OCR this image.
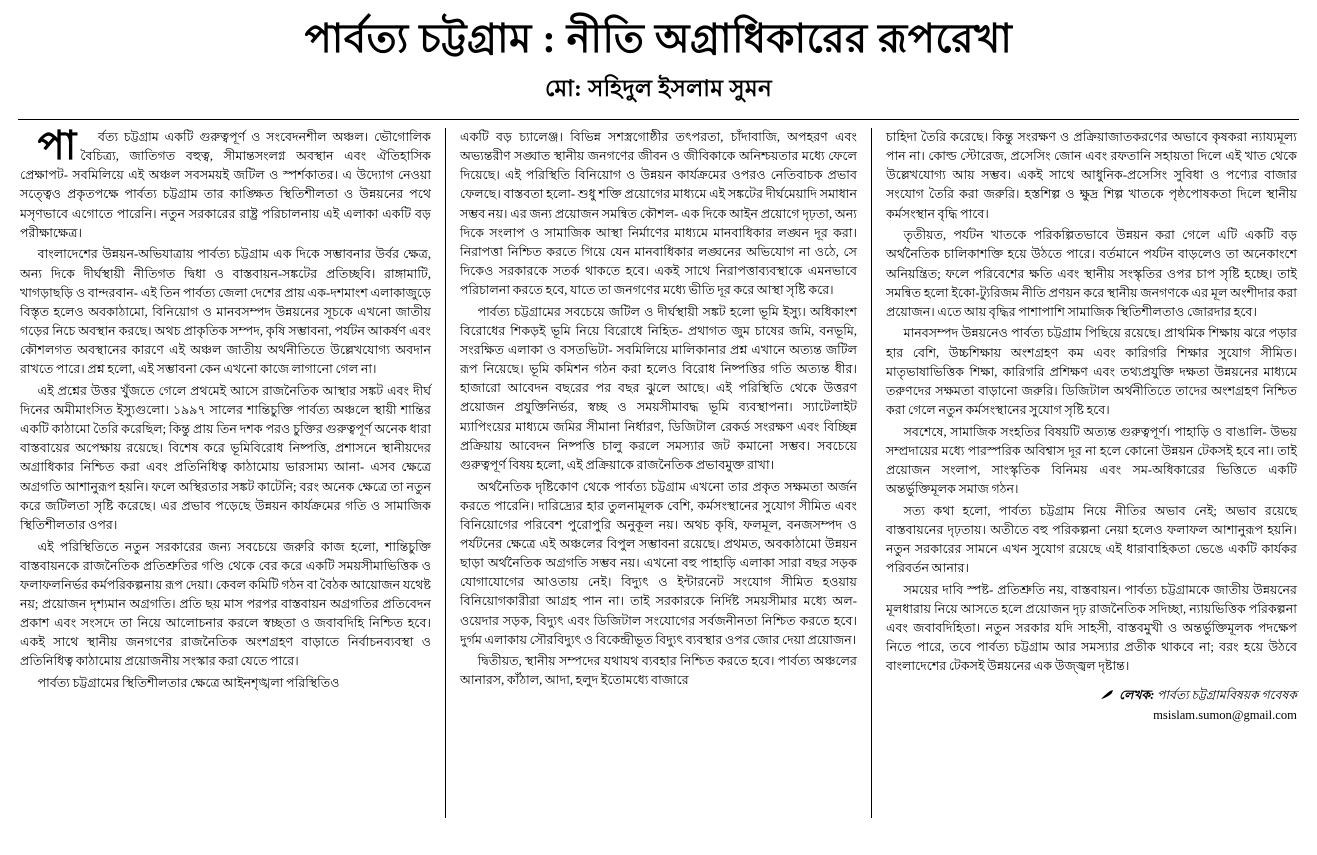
পার্বত্য চট্টগ্রাম : নীতি অগ্রাধিকারের রূপরেখা
মো: সহিদুল ইসলাম সুমন

পা	র্বত্য চট্টগ্রাম একটি গুরুত্বপূর্ণ ও সংবেদনশীল অঞ্চল। ভৌগোলিক বৈচিত্র্য, জাতিগত বহুত্ব, সীমান্তসংলগ্ন অবস্থান এবং ঐতিহাসিক প্রেক্ষাপট- সবমিলিয়ে এই অঞ্চল সবসময়ই জটিল ও স্পর্শকাতর। এ উদ্যোগ নেওয়া সত্ত্বেও প্রকৃতপক্ষে পার্বত্য চট্টগ্রাম তার কাঙ্ক্ষিত স্থিতিশীলতা ও উন্নয়নের পথে মসৃণভাবে এগোতে পারেনি। নতুন সরকারের রাষ্ট্র পরিচালনায় এই এলাকা একটি বড় পরীক্ষাক্ষেত্র।

বাংলাদেশের উন্নয়ন-অভিযাত্রায় পার্বত্য চট্টগ্রাম এক দিকে সম্ভাবনার উর্বর ক্ষেত্র, অন্য দিকে দীর্ঘস্থায়ী নীতিগত দ্বিধা ও বাস্তবায়ন-সঙ্কটের প্রতিচ্ছবি। রাঙ্গামাটি, খাগড়াছড়ি ও বান্দরবান- এই তিন পার্বত্য জেলা দেশের প্রায় এক-দশমাংশ এলাকাজুড়ে বিস্তৃত হলেও অবকাঠামো, বিনিয়োগ ও মানবসম্পদ উন্নয়নের সূচকে এখনো জাতীয় গড়ের নিচে অবস্থান করছে। অথচ প্রাকৃতিক সম্পদ, কৃষি সম্ভাবনা, পর্যটন আকর্ষণ এবং কৌশলগত অবস্থানের কারণে এই অঞ্চল জাতীয় অর্থনীতিতে উল্লেখযোগ্য অবদান রাখতে পারে। প্রশ্ন হলো, এই সম্ভাবনা কেন এখনো কাজে লাগানো গেল না।

এই প্রশ্নের উত্তর খুঁজতে গেলে প্রথমেই আসে রাজনৈতিক আস্থার সঙ্কট এবং দীর্ঘ দিনের অমীমাংসিত ইস্যুগুলো। ১৯৯৭ সালের শান্তিচুক্তি পার্বত্য অঞ্চলে স্থায়ী শান্তির একটি কাঠামো তৈরি করেছিল; কিন্তু প্রায় তিন দশক পরও চুক্তির গুরুত্বপূর্ণ অনেক ধারা বাস্তবায়ের অপেক্ষায় রয়েছে। বিশেষ করে ভূমিবিরোধ নিষ্পত্তি, প্রশাসনে স্থানীয়দের অগ্রাধিকার নিশ্চিত করা এবং প্রতিনিধিত্ব কাঠামোয় ভারসাম্য আনা- এসব ক্ষেত্রে অগ্রগতি আশানুরূপ হয়নি। ফলে অস্থিরতার সঙ্কট কাটেনি; বরং অনেক ক্ষেত্রে তা নতুন করে জটিলতা সৃষ্টি করেছে। এর প্রভাব পড়েছে উন্নয়ন কার্যক্রমের গতি ও সামাজিক স্থিতিশীলতার ওপর।

এই পরিস্থিতিতে নতুন সরকারের জন্য সবচেয়ে জরুরি কাজ হলো, শান্তিচুক্তি বাস্তবায়নকে রাজনৈতিক প্রতিশ্রুতির গণ্ডি থেকে বের করে একটি সময়সীমাভিত্তিক ও ফলাফলনির্ভর কর্মপরিকল্পনায় রূপ দেয়া। কেবল কমিটি গঠন বা বৈঠক আয়োজন যথেষ্ট নয়; প্রয়োজন দৃশ্যমান অগ্রগতি। প্রতি ছয় মাস পরপর বাস্তবায়ন অগ্রগতির প্রতিবেদন প্রকাশ এবং সংসদে তা নিয়ে আলোচনার করলে স্বচ্ছতা ও জবাবদিহি নিশ্চিত হবে। একই সাথে স্থানীয় জনগণের রাজনৈতিক অংশগ্রহণ বাড়াতে নির্বাচনব্যবস্থা ও প্রতিনিধিত্ব কাঠামোয় প্রয়োজনীয় সংস্কার করা যেতে পারে।

পার্বত্য চট্টগ্রামের স্থিতিশীলতার ক্ষেত্রে আইনশৃঙ্খলা পরিস্থিতিও

একটি বড় চ্যালেঞ্জ। বিভিন্ন সশস্ত্রগোষ্ঠীর তৎপরতা, চাঁদাবাজি, অপহরণ এবং অভ্যন্তরীণ সঙ্ঘাত স্থানীয় জনগণের জীবন ও জীবিকাকে অনিশ্চয়তার মধ্যে ফেলে দিয়েছে। এই পরিস্থিতি বিনিয়োগ ও উন্নয়ন কার্যক্রমের ওপরও নেতিবাচক প্রভাব ফেলছে। বাস্তবতা হলো- শুধু শক্তি প্রয়োগের মাধ্যমে এই সঙ্কটের দীর্ঘমেয়াদি সমাধান সম্ভব নয়। এর জন্য প্রয়োজন সমন্বিত কৌশল- এক দিকে আইন প্রয়োগে দৃঢ়তা, অন্য দিকে সংলাপ ও সামাজিক আস্থা নির্মাণের মাধ্যমে মানবাধিকার লঙ্ঘন দূর করা। নিরাপত্তা নিশ্চিত করতে গিয়ে যেন মানবাধিকার লঙ্ঘনের অভিযোগ না ওঠে, সে দিকেও সরকারকে সতর্ক থাকতে হবে। একই সাথে নিরাপত্তাব্যবস্থাকে এমনভাবে পরিচালনা করতে হবে, যাতে তা জনগণের মধ্যে ভীতি দূর করে আস্থা সৃষ্টি করে।

পার্বত্য চট্টগ্রামের সবচেয়ে জটিল ও দীর্ঘস্থায়ী সঙ্কট হলো ভূমি ইস্যু। অধিকাংশ বিরোধের শিকড়ই ভূমি নিয়ে বিরোধে নিহিত- প্রথাগত জুম চাষের জমি, বনভূমি, সংরক্ষিত এলাকা ও বসতভিটা- সবমিলিয়ে মালিকানার প্রশ্ন এখানে অত্যন্ত জটিল রূপ নিয়েছে। ভূমি কমিশন গঠন করা হলেও বিরোধ নিষ্পত্তির গতি অত্যন্ত ধীর। হাজারো আবেদন বছরের পর বছর ঝুলে আছে। এই পরিস্থিতি থেকে উত্তরণ প্রয়োজন প্রযুক্তিনির্ভর, স্বচ্ছ ও সময়সীমাবদ্ধ ভূমি ব্যবস্থাপনা। স্যাটেলাইট ম্যাপিংয়ের মাধ্যমে জমির সীমানা নির্ধারণ, ডিজিটাল রেকর্ড সংরক্ষণ এবং বিচ্ছিন্ন প্রক্রিয়ায় আবেদন নিষ্পত্তি চালু করলে সমস্যার জট কমানো সম্ভব। সবচেয়ে গুরুত্বপূর্ণ বিষয় হলো, এই প্রক্রিয়াকে রাজনৈতিক প্রভাবমুক্ত রাখা।

অর্থনৈতিক দৃষ্টিকোণ থেকে পার্বত্য চট্টগ্রাম এখনো তার প্রকৃত সক্ষমতা অর্জন করতে পারেনি। দারিদ্র্যের হার তুলনামূলক বেশি, কর্মসংস্থানের সুযোগ সীমিত এবং বিনিয়োগের পরিবেশ পুরোপুরি অনুকূল নয়। অথচ কৃষি, ফলমূল, বনজসম্পদ ও পর্যটনের ক্ষেত্রে এই অঞ্চলের বিপুল সম্ভাবনা রয়েছে। প্রথমত, অবকাঠামো উন্নয়ন ছাড়া অর্থনৈতিক অগ্রগতি সম্ভব নয়। এখনো বহু পাহাড়ি এলাকা সারা বছর সড়ক যোগাযোগের আওতায় নেই। বিদ্যুৎ ও ইন্টারনেট সংযোগ সীমিত হওয়ায় বিনিয়োগকারীরা আগ্রহ পান না। তাই সরকারকে নির্দিষ্ট সময়সীমার মধ্যে অল-ওয়েদার সড়ক, বিদ্যুৎ এবং ডিজিটাল সংযোগের সর্বজনীনতা নিশ্চিত করতে হবে। দুর্গম এলাকায় সৌরবিদ্যুৎ ও বিকেন্দ্রীভূত বিদ্যুৎ ব্যবস্থার ওপর জোর দেয়া প্রয়োজন।

দ্বিতীয়ত, স্থানীয় সম্পদের যথাযথ ব্যবহার নিশ্চিত করতে হবে। পার্বত্য অঞ্চলের আনারস, কাঁঠাল, আদা, হলুদ ইতোমধ্যে বাজারে

চাহিদা তৈরি করেছে। কিন্তু সংরক্ষণ ও প্রক্রিয়াজাতকরণের অভাবে কৃষকরা ন্যায্যমূল্য পান না। কোল্ড স্টোরেজ, প্রসেসিং জোন এবং রফতানি সহায়তা দিলে এই খাত থেকে উল্লেখযোগ্য আয় সম্ভব। একই সাথে আধুনিক-প্রসেসিং সুবিধা ও পণ্যের বাজার সংযোগ তৈরি করা জরুরি। হস্তশিল্প ও ক্ষুদ্র শিল্প খাতকে পৃষ্ঠপোষকতা দিলে স্থানীয় কর্মসংস্থান বৃদ্ধি পাবে।

তৃতীয়ত, পর্যটন খাতকে পরিকল্পিতভাবে উন্নয়ন করা গেলে এটি একটি বড় অর্থনৈতিক চালিকাশক্তি হয়ে উঠতে পারে। বর্তমানে পর্যটন বাড়লেও তা অনেকাংশে অনিয়ন্ত্রিত; ফলে পরিবেশের ক্ষতি এবং স্থানীয় সংস্কৃতির ওপর চাপ সৃষ্টি হচ্ছে। তাই সমন্বিত হলো ইকো-ট্যুরিজম নীতি প্রণয়ন করে স্থানীয় জনগণকে এর মূল অংশীদার করা প্রয়োজন। এতে আয় বৃদ্ধির পাশাপাশি সামাজিক স্থিতিশীলতাও জোরদার হবে।

মানবসম্পদ উন্নয়নেও পার্বত্য চট্টগ্রাম পিছিয়ে রয়েছে। প্রাথমিক শিক্ষায় ঝরে পড়ার হার বেশি, উচ্চশিক্ষায় অংশগ্রহণ কম এবং কারিগরি শিক্ষার সুযোগ সীমিত। মাতৃভাষাভিত্তিক শিক্ষা, কারিগরি প্রশিক্ষণ এবং তথ্যপ্রযুক্তি দক্ষতা উন্নয়নের মাধ্যমে তরুণদের সক্ষমতা বাড়ানো জরুরি। ডিজিটাল অর্থনীতিতে তাদের অংশগ্রহণ নিশ্চিত করা গেলে নতুন কর্মসংস্থানের সুযোগ সৃষ্টি হবে।

সবশেষে, সামাজিক সংহতির বিষয়টি অত্যন্ত গুরুত্বপূর্ণ। পাহাড়ি ও বাঙালি- উভয় সম্প্রদায়ের মধ্যে পারস্পরিক অবিশ্বাস দূর না হলে কোনো উন্নয়ন টেকসই হবে না। তাই প্রয়োজন সংলাপ, সাংস্কৃতিক বিনিময় এবং সম-অধিকারের ভিত্তিতে একটি অন্তর্ভুক্তিমূলক সমাজ গঠন।

সত্য কথা হলো, পার্বত্য চট্টগ্রাম নিয়ে নীতির অভাব নেই; অভাব রয়েছে বাস্তবায়নের দৃঢ়তায়। অতীতে বহু পরিকল্পনা নেয়া হলেও ফলাফল আশানুরূপ হয়নি। নতুন সরকারের সামনে এখন সুযোগ রয়েছে এই ধারাবাহিকতা ভেঙে একটি কার্যকর পরিবর্তন আনার।

সময়ের দাবি স্পষ্ট- প্রতিশ্রুতি নয়, বাস্তবায়ন। পার্বত্য চট্টগ্রামকে জাতীয় উন্নয়নের মূলধারায় নিয়ে আসতে হলে প্রয়োজন দৃঢ় রাজনৈতিক সদিচ্ছা, ন্যায়ভিত্তিক পরিকল্পনা এবং জবাবদিহিতা। নতুন সরকার যদি সাহসী, বাস্তবমুখী ও অন্তর্ভুক্তিমূলক পদক্ষেপ নিতে পারে, তবে পার্বত্য চট্টগ্রাম আর সমস্যার প্রতীক থাকবে না; বরং হয়ে উঠবে বাংলাদেশের টেকসই উন্নয়নের এক উজ্জ্বল দৃষ্টান্ত।

লেখক: পার্বত্য চট্টগ্রামবিষয়ক গবেষক
msislam.sumon@gmail.com
